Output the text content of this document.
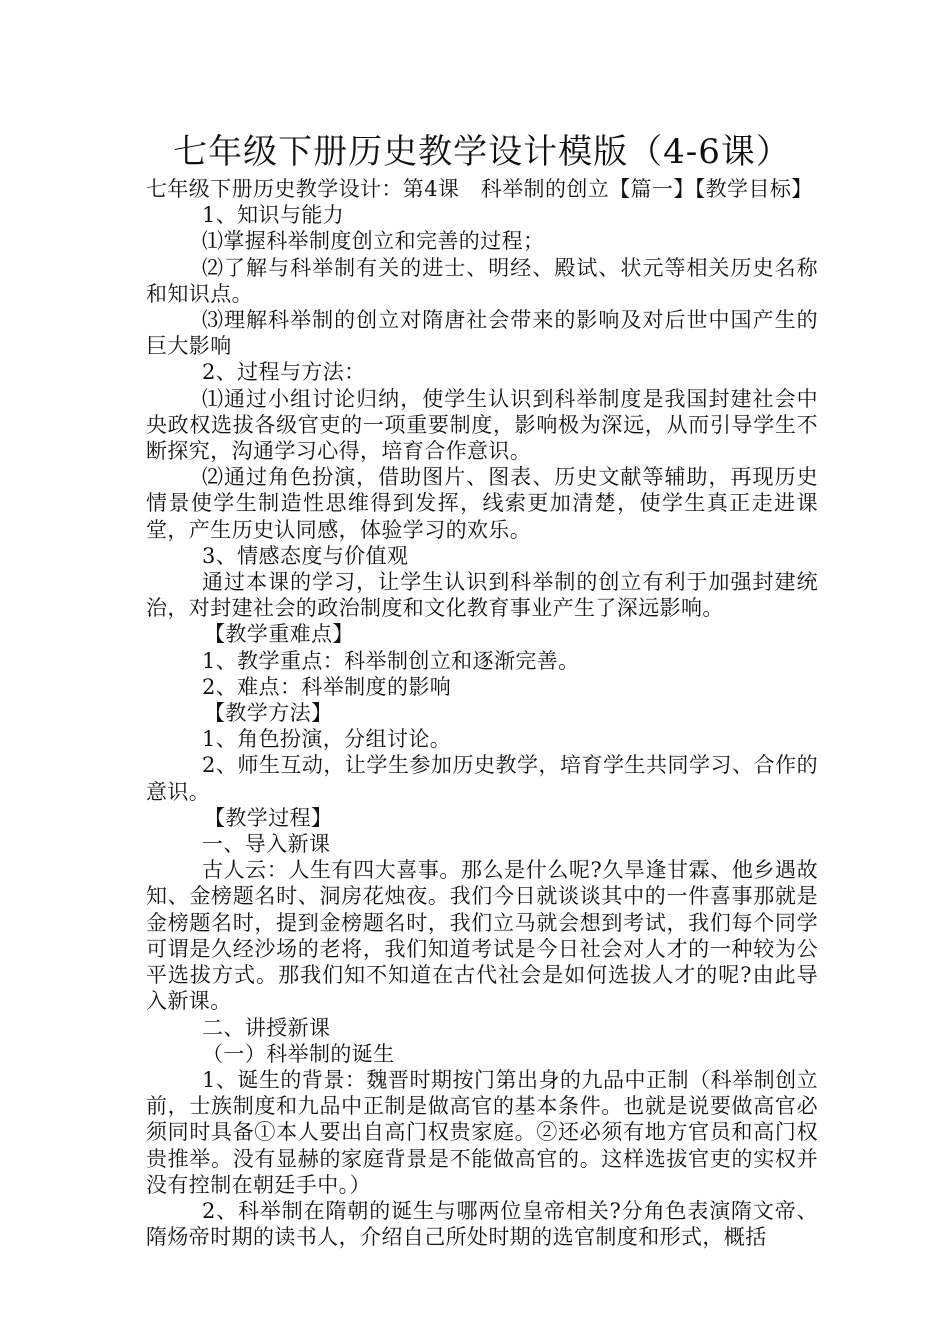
七年级下册历史教学设计模版（4-6课）

七年级下册历史教学设计：第4课　科举制的创立【篇一】【教学目标】

1、知识与能力

⑴掌握科举制度创立和完善的过程；

⑵了解与科举制有关的进士、明经、殿试、状元等相关历史名称和知识点。

⑶理解科举制的创立对隋唐社会带来的影响及对后世中国产生的巨大影响

2、过程与方法：

⑴通过小组讨论归纳，使学生认识到科举制度是我国封建社会中央政权选拔各级官吏的一项重要制度，影响极为深远，从而引导学生不断探究，沟通学习心得，培育合作意识。

⑵通过角色扮演，借助图片、图表、历史文献等辅助，再现历史情景使学生制造性思维得到发挥，线索更加清楚，使学生真正走进课堂，产生历史认同感，体验学习的欢乐。

3、情感态度与价值观

通过本课的学习，让学生认识到科举制的创立有利于加强封建统治，对封建社会的政治制度和文化教育事业产生了深远影响。

【教学重难点】

1、教学重点：科举制创立和逐渐完善。

2、难点：科举制度的影响

【教学方法】

1、角色扮演，分组讨论。

2、师生互动，让学生参加历史教学，培育学生共同学习、合作的意识。

【教学过程】

一、导入新课

古人云：人生有四大喜事。那么是什么呢?久旱逢甘霖、他乡遇故知、金榜题名时、洞房花烛夜。我们今日就谈谈其中的一件喜事那就是金榜题名时，提到金榜题名时，我们立马就会想到考试，我们每个同学可谓是久经沙场的老将，我们知道考试是今日社会对人才的一种较为公平选拔方式。那我们知不知道在古代社会是如何选拔人才的呢?由此导入新课。

二、讲授新课

（一）科举制的诞生

1、诞生的背景：魏晋时期按门第出身的九品中正制（科举制创立前，士族制度和九品中正制是做高官的基本条件。也就是说要做高官必须同时具备①本人要出自高门权贵家庭。②还必须有地方官员和高门权贵推举。没有显赫的家庭背景是不能做高官的。这样选拔官吏的实权并没有控制在朝廷手中。）

2、科举制在隋朝的诞生与哪两位皇帝相关?分角色表演隋文帝、隋炀帝时期的读书人，介绍自己所处时期的选官制度和形式，概括
